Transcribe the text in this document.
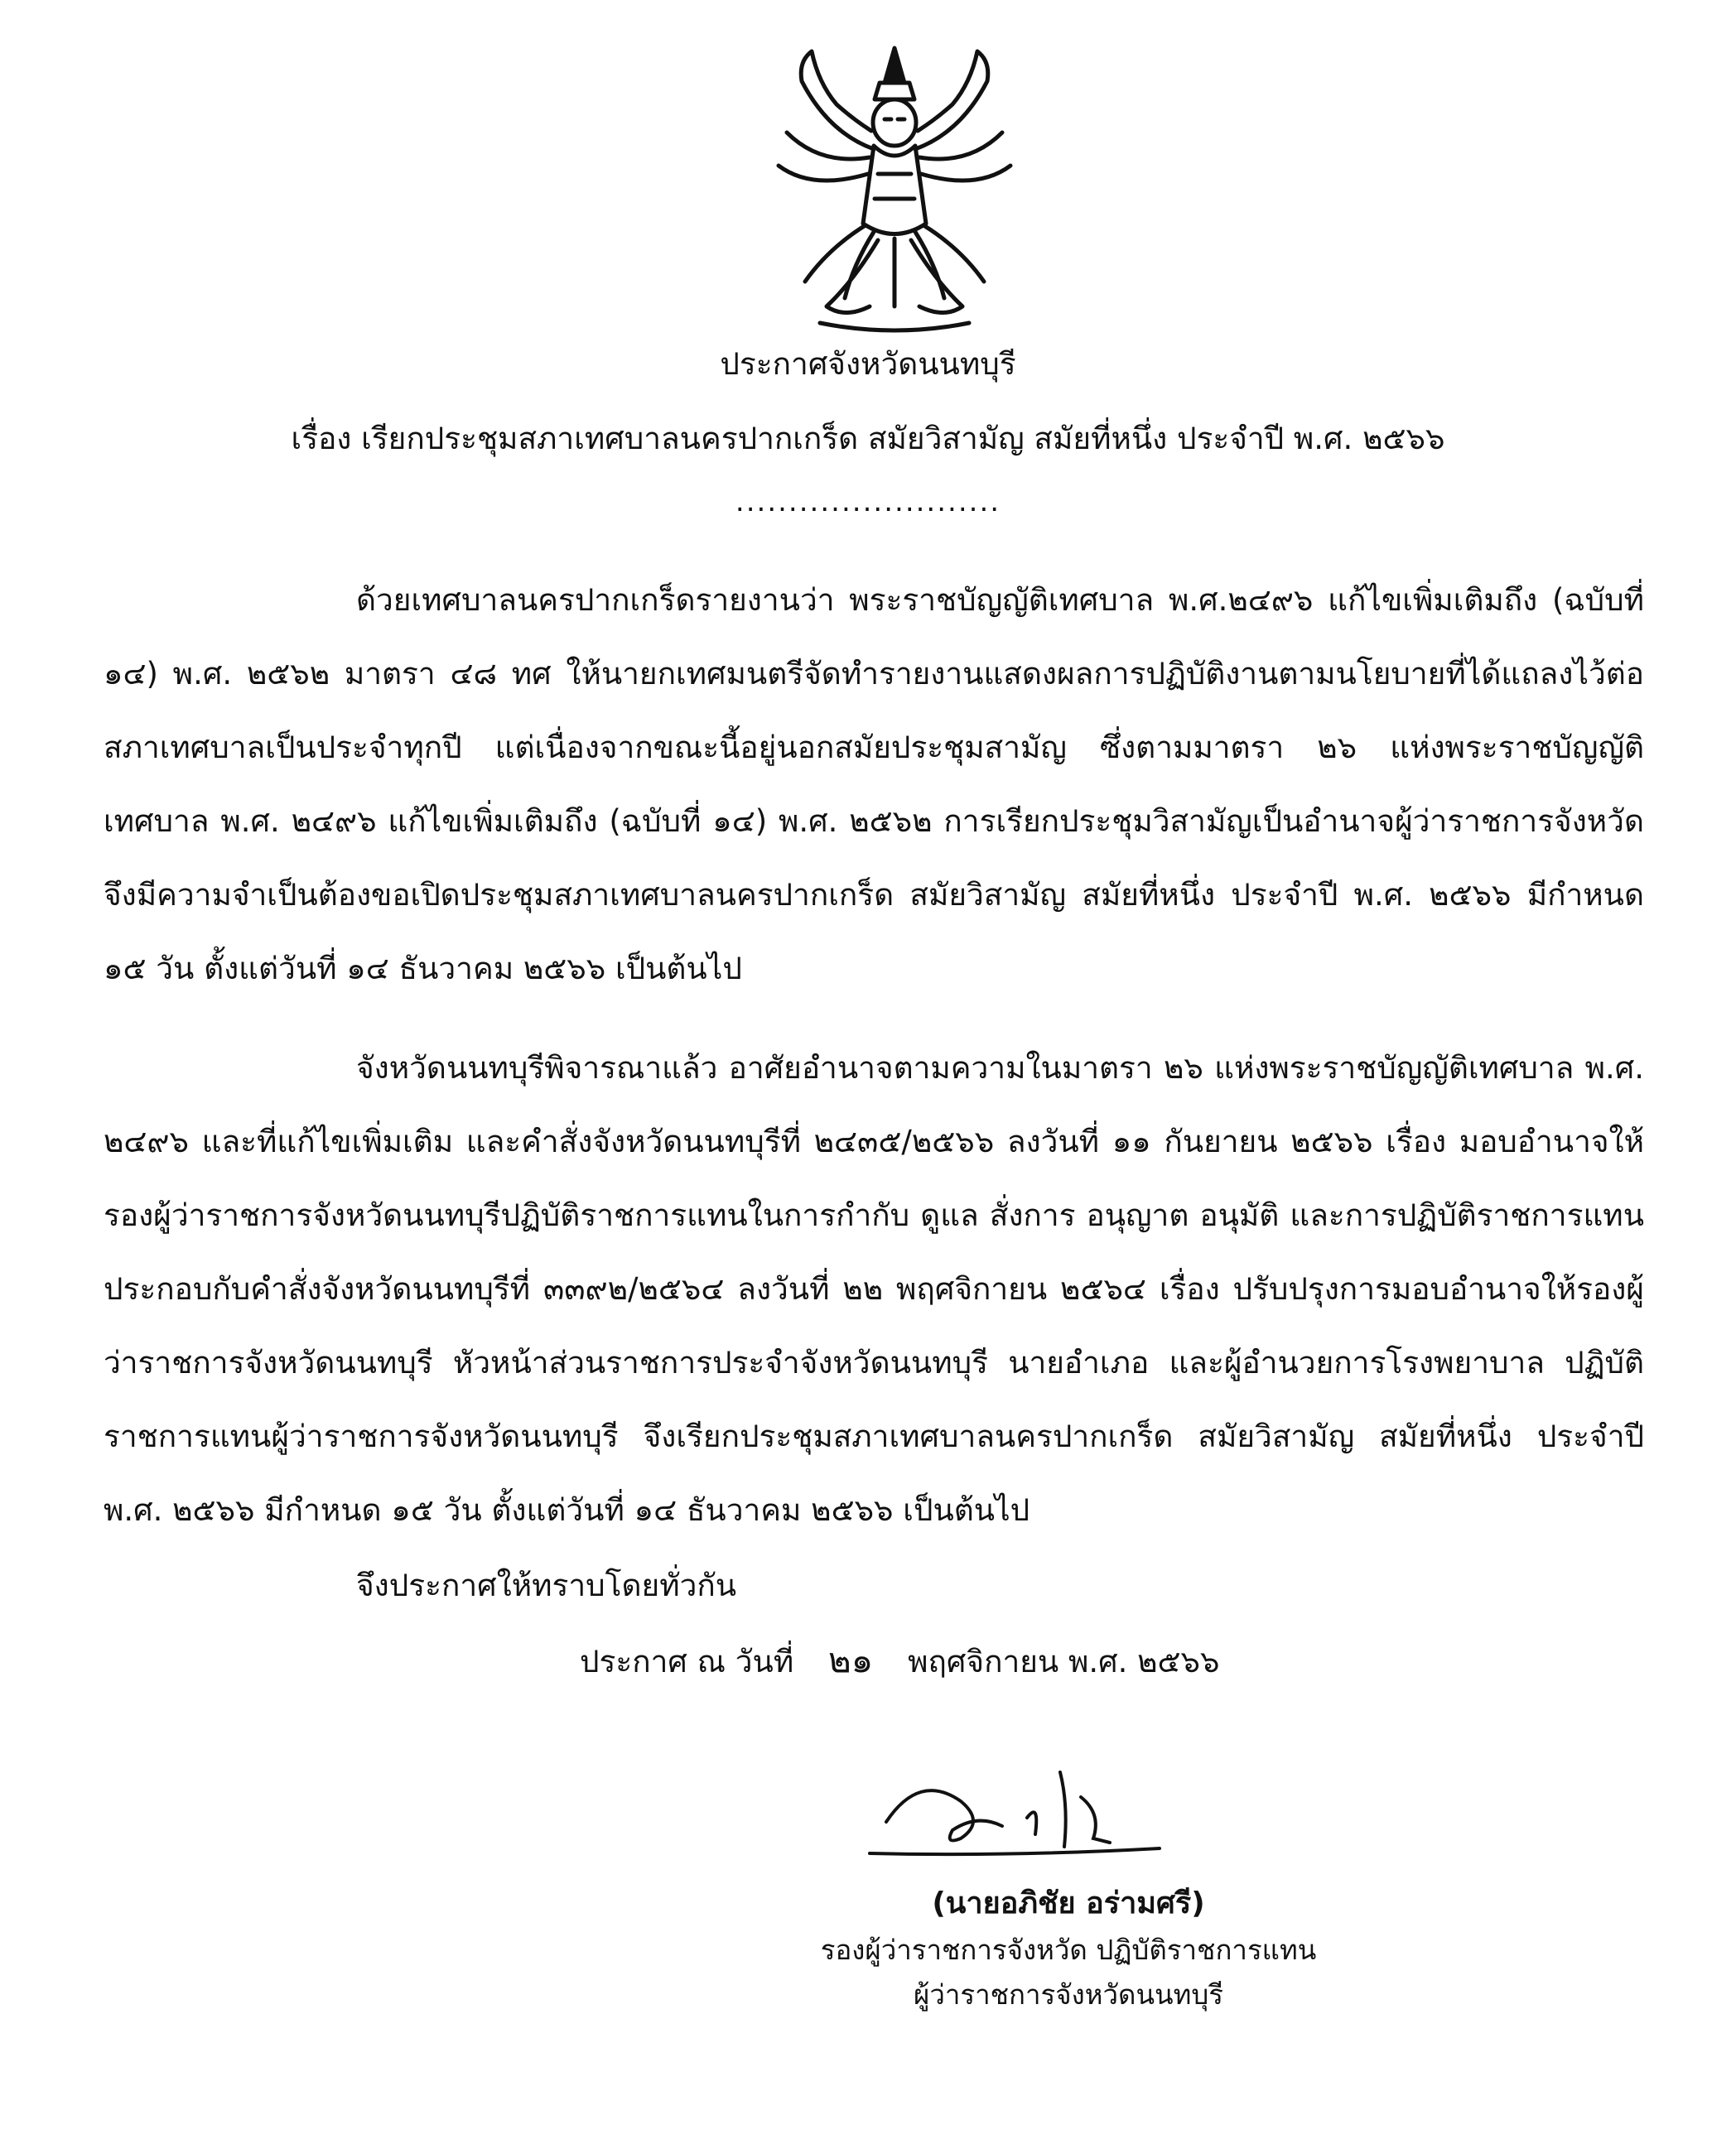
ประกาศจังหวัดนนทบุรี
เรื่อง เรียกประชุมสภาเทศบาลนครปากเกร็ด สมัยวิสามัญ สมัยที่หนึ่ง ประจำปี พ.ศ. ๒๕๖๖
.........................

ด้วยเทศบาลนครปากเกร็ดรายงานว่า พระราชบัญญัติเทศบาล พ.ศ.๒๔๙๖ แก้ไขเพิ่มเติมถึง (ฉบับที่ ๑๔) พ.ศ. ๒๕๖๒ มาตรา ๔๘ ทศ ให้นายกเทศมนตรีจัดทำรายงานแสดงผลการปฏิบัติงานตามนโยบายที่ได้แถลงไว้ต่อสภาเทศบาลเป็นประจำทุกปี แต่เนื่องจากขณะนี้อยู่นอกสมัยประชุมสามัญ ซึ่งตามมาตรา ๒๖ แห่งพระราชบัญญัติเทศบาล พ.ศ. ๒๔๙๖ แก้ไขเพิ่มเติมถึง (ฉบับที่ ๑๔) พ.ศ. ๒๕๖๒ การเรียกประชุมวิสามัญเป็นอำนาจผู้ว่าราชการจังหวัด จึงมีความจำเป็นต้องขอเปิดประชุมสภาเทศบาลนครปากเกร็ด สมัยวิสามัญ สมัยที่หนึ่ง ประจำปี พ.ศ. ๒๕๖๖ มีกำหนด ๑๕ วัน ตั้งแต่วันที่ ๑๔ ธันวาคม ๒๕๖๖ เป็นต้นไป

จังหวัดนนทบุรีพิจารณาแล้ว อาศัยอำนาจตามความในมาตรา ๒๖ แห่งพระราชบัญญัติเทศบาล พ.ศ. ๒๔๙๖ และที่แก้ไขเพิ่มเติม และคำสั่งจังหวัดนนทบุรีที่ ๒๔๓๕/๒๕๖๖ ลงวันที่ ๑๑ กันยายน ๒๕๖๖ เรื่อง มอบอำนาจให้รองผู้ว่าราชการจังหวัดนนทบุรีปฏิบัติราชการแทนในการกำกับ ดูแล สั่งการ อนุญาต อนุมัติ และการปฏิบัติราชการแทน ประกอบกับคำสั่งจังหวัดนนทบุรีที่ ๓๓๙๒/๒๕๖๔ ลงวันที่ ๒๒ พฤศจิกายน ๒๕๖๔ เรื่อง ปรับปรุงการมอบอำนาจให้รองผู้ว่าราชการจังหวัดนนทบุรี หัวหน้าส่วนราชการประจำจังหวัดนนทบุรี นายอำเภอ และผู้อำนวยการโรงพยาบาล ปฏิบัติราชการแทนผู้ว่าราชการจังหวัดนนทบุรี จึงเรียกประชุมสภาเทศบาลนครปากเกร็ด สมัยวิสามัญ สมัยที่หนึ่ง ประจำปี พ.ศ. ๒๕๖๖ มีกำหนด ๑๕ วัน ตั้งแต่วันที่ ๑๔ ธันวาคม ๒๕๖๖ เป็นต้นไป

จึงประกาศให้ทราบโดยทั่วกัน

ประกาศ ณ วันที่ ๒๑ พฤศจิกายน พ.ศ. ๒๕๖๖
(นายอภิชัย อร่ามศรี)
รองผู้ว่าราชการจังหวัด ปฏิบัติราชการแทน
ผู้ว่าราชการจังหวัดนนทบุรี
